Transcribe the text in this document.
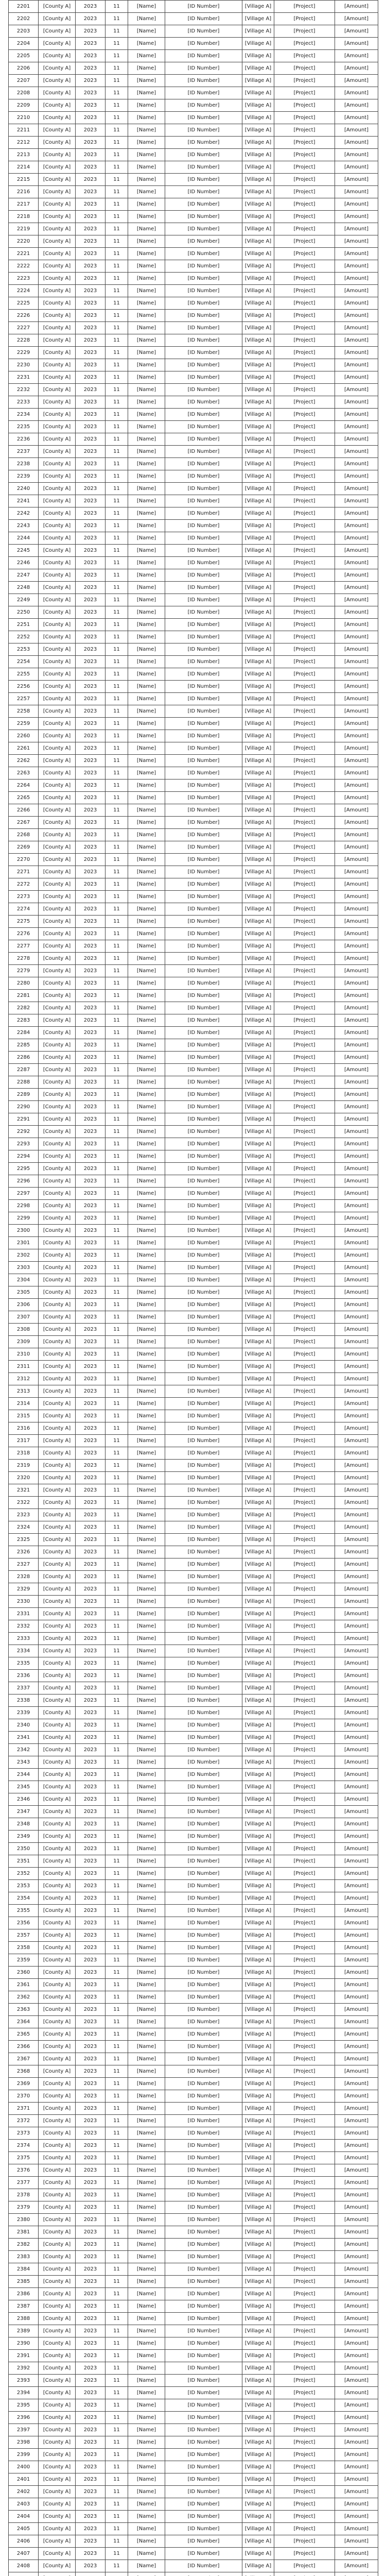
2201	[County A]	2023	11	[Name]	[ID Number]	[Village A]	[Project]	[Amount]
2202	[County A]	2023	11	[Name]	[ID Number]	[Village A]	[Project]	[Amount]
2203	[County A]	2023	11	[Name]	[ID Number]	[Village A]	[Project]	[Amount]
2204	[County A]	2023	11	[Name]	[ID Number]	[Village A]	[Project]	[Amount]
2205	[County A]	2023	11	[Name]	[ID Number]	[Village A]	[Project]	[Amount]
2206	[County A]	2023	11	[Name]	[ID Number]	[Village A]	[Project]	[Amount]
2207	[County A]	2023	11	[Name]	[ID Number]	[Village A]	[Project]	[Amount]
2208	[County A]	2023	11	[Name]	[ID Number]	[Village A]	[Project]	[Amount]
2209	[County A]	2023	11	[Name]	[ID Number]	[Village A]	[Project]	[Amount]
2210	[County A]	2023	11	[Name]	[ID Number]	[Village A]	[Project]	[Amount]
2211	[County A]	2023	11	[Name]	[ID Number]	[Village A]	[Project]	[Amount]
2212	[County A]	2023	11	[Name]	[ID Number]	[Village A]	[Project]	[Amount]
2213	[County A]	2023	11	[Name]	[ID Number]	[Village A]	[Project]	[Amount]
2214	[County A]	2023	11	[Name]	[ID Number]	[Village A]	[Project]	[Amount]
2215	[County A]	2023	11	[Name]	[ID Number]	[Village A]	[Project]	[Amount]
2216	[County A]	2023	11	[Name]	[ID Number]	[Village A]	[Project]	[Amount]
2217	[County A]	2023	11	[Name]	[ID Number]	[Village A]	[Project]	[Amount]
2218	[County A]	2023	11	[Name]	[ID Number]	[Village A]	[Project]	[Amount]
2219	[County A]	2023	11	[Name]	[ID Number]	[Village A]	[Project]	[Amount]
2220	[County A]	2023	11	[Name]	[ID Number]	[Village A]	[Project]	[Amount]
2221	[County A]	2023	11	[Name]	[ID Number]	[Village A]	[Project]	[Amount]
2222	[County A]	2023	11	[Name]	[ID Number]	[Village A]	[Project]	[Amount]
2223	[County A]	2023	11	[Name]	[ID Number]	[Village A]	[Project]	[Amount]
2224	[County A]	2023	11	[Name]	[ID Number]	[Village A]	[Project]	[Amount]
2225	[County A]	2023	11	[Name]	[ID Number]	[Village A]	[Project]	[Amount]
2226	[County A]	2023	11	[Name]	[ID Number]	[Village A]	[Project]	[Amount]
2227	[County A]	2023	11	[Name]	[ID Number]	[Village A]	[Project]	[Amount]
2228	[County A]	2023	11	[Name]	[ID Number]	[Village A]	[Project]	[Amount]
2229	[County A]	2023	11	[Name]	[ID Number]	[Village A]	[Project]	[Amount]
2230	[County A]	2023	11	[Name]	[ID Number]	[Village A]	[Project]	[Amount]
2231	[County A]	2023	11	[Name]	[ID Number]	[Village A]	[Project]	[Amount]
2232	[County A]	2023	11	[Name]	[ID Number]	[Village A]	[Project]	[Amount]
2233	[County A]	2023	11	[Name]	[ID Number]	[Village A]	[Project]	[Amount]
2234	[County A]	2023	11	[Name]	[ID Number]	[Village A]	[Project]	[Amount]
2235	[County A]	2023	11	[Name]	[ID Number]	[Village A]	[Project]	[Amount]
2236	[County A]	2023	11	[Name]	[ID Number]	[Village A]	[Project]	[Amount]
2237	[County A]	2023	11	[Name]	[ID Number]	[Village A]	[Project]	[Amount]
2238	[County A]	2023	11	[Name]	[ID Number]	[Village A]	[Project]	[Amount]
2239	[County A]	2023	11	[Name]	[ID Number]	[Village A]	[Project]	[Amount]
2240	[County A]	2023	11	[Name]	[ID Number]	[Village A]	[Project]	[Amount]
2241	[County A]	2023	11	[Name]	[ID Number]	[Village A]	[Project]	[Amount]
2242	[County A]	2023	11	[Name]	[ID Number]	[Village A]	[Project]	[Amount]
2243	[County A]	2023	11	[Name]	[ID Number]	[Village A]	[Project]	[Amount]
2244	[County A]	2023	11	[Name]	[ID Number]	[Village A]	[Project]	[Amount]
2245	[County A]	2023	11	[Name]	[ID Number]	[Village A]	[Project]	[Amount]
2246	[County A]	2023	11	[Name]	[ID Number]	[Village A]	[Project]	[Amount]
2247	[County A]	2023	11	[Name]	[ID Number]	[Village A]	[Project]	[Amount]
2248	[County A]	2023	11	[Name]	[ID Number]	[Village A]	[Project]	[Amount]
2249	[County A]	2023	11	[Name]	[ID Number]	[Village A]	[Project]	[Amount]
2250	[County A]	2023	11	[Name]	[ID Number]	[Village A]	[Project]	[Amount]
2251	[County A]	2023	11	[Name]	[ID Number]	[Village A]	[Project]	[Amount]
2252	[County A]	2023	11	[Name]	[ID Number]	[Village A]	[Project]	[Amount]
2253	[County A]	2023	11	[Name]	[ID Number]	[Village A]	[Project]	[Amount]
2254	[County A]	2023	11	[Name]	[ID Number]	[Village A]	[Project]	[Amount]
2255	[County A]	2023	11	[Name]	[ID Number]	[Village A]	[Project]	[Amount]
2256	[County A]	2023	11	[Name]	[ID Number]	[Village A]	[Project]	[Amount]
2257	[County A]	2023	11	[Name]	[ID Number]	[Village A]	[Project]	[Amount]
2258	[County A]	2023	11	[Name]	[ID Number]	[Village A]	[Project]	[Amount]
2259	[County A]	2023	11	[Name]	[ID Number]	[Village A]	[Project]	[Amount]
2260	[County A]	2023	11	[Name]	[ID Number]	[Village A]	[Project]	[Amount]
2261	[County A]	2023	11	[Name]	[ID Number]	[Village A]	[Project]	[Amount]
2262	[County A]	2023	11	[Name]	[ID Number]	[Village A]	[Project]	[Amount]
2263	[County A]	2023	11	[Name]	[ID Number]	[Village A]	[Project]	[Amount]
2264	[County A]	2023	11	[Name]	[ID Number]	[Village A]	[Project]	[Amount]
2265	[County A]	2023	11	[Name]	[ID Number]	[Village A]	[Project]	[Amount]
2266	[County A]	2023	11	[Name]	[ID Number]	[Village A]	[Project]	[Amount]
2267	[County A]	2023	11	[Name]	[ID Number]	[Village A]	[Project]	[Amount]
2268	[County A]	2023	11	[Name]	[ID Number]	[Village A]	[Project]	[Amount]
2269	[County A]	2023	11	[Name]	[ID Number]	[Village A]	[Project]	[Amount]
2270	[County A]	2023	11	[Name]	[ID Number]	[Village A]	[Project]	[Amount]
2271	[County A]	2023	11	[Name]	[ID Number]	[Village A]	[Project]	[Amount]
2272	[County A]	2023	11	[Name]	[ID Number]	[Village A]	[Project]	[Amount]
2273	[County A]	2023	11	[Name]	[ID Number]	[Village A]	[Project]	[Amount]
2274	[County A]	2023	11	[Name]	[ID Number]	[Village A]	[Project]	[Amount]
2275	[County A]	2023	11	[Name]	[ID Number]	[Village A]	[Project]	[Amount]
2276	[County A]	2023	11	[Name]	[ID Number]	[Village A]	[Project]	[Amount]
2277	[County A]	2023	11	[Name]	[ID Number]	[Village A]	[Project]	[Amount]
2278	[County A]	2023	11	[Name]	[ID Number]	[Village A]	[Project]	[Amount]
2279	[County A]	2023	11	[Name]	[ID Number]	[Village A]	[Project]	[Amount]
2280	[County A]	2023	11	[Name]	[ID Number]	[Village A]	[Project]	[Amount]
2281	[County A]	2023	11	[Name]	[ID Number]	[Village A]	[Project]	[Amount]
2282	[County A]	2023	11	[Name]	[ID Number]	[Village A]	[Project]	[Amount]
2283	[County A]	2023	11	[Name]	[ID Number]	[Village A]	[Project]	[Amount]
2284	[County A]	2023	11	[Name]	[ID Number]	[Village A]	[Project]	[Amount]
2285	[County A]	2023	11	[Name]	[ID Number]	[Village A]	[Project]	[Amount]
2286	[County A]	2023	11	[Name]	[ID Number]	[Village A]	[Project]	[Amount]
2287	[County A]	2023	11	[Name]	[ID Number]	[Village A]	[Project]	[Amount]
2288	[County A]	2023	11	[Name]	[ID Number]	[Village A]	[Project]	[Amount]
2289	[County A]	2023	11	[Name]	[ID Number]	[Village A]	[Project]	[Amount]
2290	[County A]	2023	11	[Name]	[ID Number]	[Village A]	[Project]	[Amount]
2291	[County A]	2023	11	[Name]	[ID Number]	[Village A]	[Project]	[Amount]
2292	[County A]	2023	11	[Name]	[ID Number]	[Village A]	[Project]	[Amount]
2293	[County A]	2023	11	[Name]	[ID Number]	[Village A]	[Project]	[Amount]
2294	[County A]	2023	11	[Name]	[ID Number]	[Village A]	[Project]	[Amount]
2295	[County A]	2023	11	[Name]	[ID Number]	[Village A]	[Project]	[Amount]
2296	[County A]	2023	11	[Name]	[ID Number]	[Village A]	[Project]	[Amount]
2297	[County A]	2023	11	[Name]	[ID Number]	[Village A]	[Project]	[Amount]
2298	[County A]	2023	11	[Name]	[ID Number]	[Village A]	[Project]	[Amount]
2299	[County A]	2023	11	[Name]	[ID Number]	[Village A]	[Project]	[Amount]
2300	[County A]	2023	11	[Name]	[ID Number]	[Village A]	[Project]	[Amount]
2301	[County A]	2023	11	[Name]	[ID Number]	[Village A]	[Project]	[Amount]
2302	[County A]	2023	11	[Name]	[ID Number]	[Village A]	[Project]	[Amount]
2303	[County A]	2023	11	[Name]	[ID Number]	[Village A]	[Project]	[Amount]
2304	[County A]	2023	11	[Name]	[ID Number]	[Village A]	[Project]	[Amount]
2305	[County A]	2023	11	[Name]	[ID Number]	[Village A]	[Project]	[Amount]
2306	[County A]	2023	11	[Name]	[ID Number]	[Village A]	[Project]	[Amount]
2307	[County A]	2023	11	[Name]	[ID Number]	[Village A]	[Project]	[Amount]
2308	[County A]	2023	11	[Name]	[ID Number]	[Village A]	[Project]	[Amount]
2309	[County A]	2023	11	[Name]	[ID Number]	[Village A]	[Project]	[Amount]
2310	[County A]	2023	11	[Name]	[ID Number]	[Village A]	[Project]	[Amount]
2311	[County A]	2023	11	[Name]	[ID Number]	[Village A]	[Project]	[Amount]
2312	[County A]	2023	11	[Name]	[ID Number]	[Village A]	[Project]	[Amount]
2313	[County A]	2023	11	[Name]	[ID Number]	[Village A]	[Project]	[Amount]
2314	[County A]	2023	11	[Name]	[ID Number]	[Village A]	[Project]	[Amount]
2315	[County A]	2023	11	[Name]	[ID Number]	[Village A]	[Project]	[Amount]
2316	[County A]	2023	11	[Name]	[ID Number]	[Village A]	[Project]	[Amount]
2317	[County A]	2023	11	[Name]	[ID Number]	[Village A]	[Project]	[Amount]
2318	[County A]	2023	11	[Name]	[ID Number]	[Village A]	[Project]	[Amount]
2319	[County A]	2023	11	[Name]	[ID Number]	[Village A]	[Project]	[Amount]
2320	[County A]	2023	11	[Name]	[ID Number]	[Village A]	[Project]	[Amount]
2321	[County A]	2023	11	[Name]	[ID Number]	[Village A]	[Project]	[Amount]
2322	[County A]	2023	11	[Name]	[ID Number]	[Village A]	[Project]	[Amount]
2323	[County A]	2023	11	[Name]	[ID Number]	[Village A]	[Project]	[Amount]
2324	[County A]	2023	11	[Name]	[ID Number]	[Village A]	[Project]	[Amount]
2325	[County A]	2023	11	[Name]	[ID Number]	[Village A]	[Project]	[Amount]
2326	[County A]	2023	11	[Name]	[ID Number]	[Village A]	[Project]	[Amount]
2327	[County A]	2023	11	[Name]	[ID Number]	[Village A]	[Project]	[Amount]
2328	[County A]	2023	11	[Name]	[ID Number]	[Village A]	[Project]	[Amount]
2329	[County A]	2023	11	[Name]	[ID Number]	[Village A]	[Project]	[Amount]
2330	[County A]	2023	11	[Name]	[ID Number]	[Village A]	[Project]	[Amount]
2331	[County A]	2023	11	[Name]	[ID Number]	[Village A]	[Project]	[Amount]
2332	[County A]	2023	11	[Name]	[ID Number]	[Village A]	[Project]	[Amount]
2333	[County A]	2023	11	[Name]	[ID Number]	[Village A]	[Project]	[Amount]
2334	[County A]	2023	11	[Name]	[ID Number]	[Village A]	[Project]	[Amount]
2335	[County A]	2023	11	[Name]	[ID Number]	[Village A]	[Project]	[Amount]
2336	[County A]	2023	11	[Name]	[ID Number]	[Village A]	[Project]	[Amount]
2337	[County A]	2023	11	[Name]	[ID Number]	[Village A]	[Project]	[Amount]
2338	[County A]	2023	11	[Name]	[ID Number]	[Village A]	[Project]	[Amount]
2339	[County A]	2023	11	[Name]	[ID Number]	[Village A]	[Project]	[Amount]
2340	[County A]	2023	11	[Name]	[ID Number]	[Village A]	[Project]	[Amount]
2341	[County A]	2023	11	[Name]	[ID Number]	[Village A]	[Project]	[Amount]
2342	[County A]	2023	11	[Name]	[ID Number]	[Village A]	[Project]	[Amount]
2343	[County A]	2023	11	[Name]	[ID Number]	[Village A]	[Project]	[Amount]
2344	[County A]	2023	11	[Name]	[ID Number]	[Village A]	[Project]	[Amount]
2345	[County A]	2023	11	[Name]	[ID Number]	[Village A]	[Project]	[Amount]
2346	[County A]	2023	11	[Name]	[ID Number]	[Village A]	[Project]	[Amount]
2347	[County A]	2023	11	[Name]	[ID Number]	[Village A]	[Project]	[Amount]
2348	[County A]	2023	11	[Name]	[ID Number]	[Village A]	[Project]	[Amount]
2349	[County A]	2023	11	[Name]	[ID Number]	[Village A]	[Project]	[Amount]
2350	[County A]	2023	11	[Name]	[ID Number]	[Village A]	[Project]	[Amount]
2351	[County A]	2023	11	[Name]	[ID Number]	[Village A]	[Project]	[Amount]
2352	[County A]	2023	11	[Name]	[ID Number]	[Village A]	[Project]	[Amount]
2353	[County A]	2023	11	[Name]	[ID Number]	[Village A]	[Project]	[Amount]
2354	[County A]	2023	11	[Name]	[ID Number]	[Village A]	[Project]	[Amount]
2355	[County A]	2023	11	[Name]	[ID Number]	[Village A]	[Project]	[Amount]
2356	[County A]	2023	11	[Name]	[ID Number]	[Village A]	[Project]	[Amount]
2357	[County A]	2023	11	[Name]	[ID Number]	[Village A]	[Project]	[Amount]
2358	[County A]	2023	11	[Name]	[ID Number]	[Village A]	[Project]	[Amount]
2359	[County A]	2023	11	[Name]	[ID Number]	[Village A]	[Project]	[Amount]
2360	[County A]	2023	11	[Name]	[ID Number]	[Village A]	[Project]	[Amount]
2361	[County A]	2023	11	[Name]	[ID Number]	[Village A]	[Project]	[Amount]
2362	[County A]	2023	11	[Name]	[ID Number]	[Village A]	[Project]	[Amount]
2363	[County A]	2023	11	[Name]	[ID Number]	[Village A]	[Project]	[Amount]
2364	[County A]	2023	11	[Name]	[ID Number]	[Village A]	[Project]	[Amount]
2365	[County A]	2023	11	[Name]	[ID Number]	[Village A]	[Project]	[Amount]
2366	[County A]	2023	11	[Name]	[ID Number]	[Village A]	[Project]	[Amount]
2367	[County A]	2023	11	[Name]	[ID Number]	[Village A]	[Project]	[Amount]
2368	[County A]	2023	11	[Name]	[ID Number]	[Village A]	[Project]	[Amount]
2369	[County A]	2023	11	[Name]	[ID Number]	[Village A]	[Project]	[Amount]
2370	[County A]	2023	11	[Name]	[ID Number]	[Village A]	[Project]	[Amount]
2371	[County A]	2023	11	[Name]	[ID Number]	[Village A]	[Project]	[Amount]
2372	[County A]	2023	11	[Name]	[ID Number]	[Village A]	[Project]	[Amount]
2373	[County A]	2023	11	[Name]	[ID Number]	[Village A]	[Project]	[Amount]
2374	[County A]	2023	11	[Name]	[ID Number]	[Village A]	[Project]	[Amount]
2375	[County A]	2023	11	[Name]	[ID Number]	[Village A]	[Project]	[Amount]
2376	[County A]	2023	11	[Name]	[ID Number]	[Village A]	[Project]	[Amount]
2377	[County A]	2023	11	[Name]	[ID Number]	[Village A]	[Project]	[Amount]
2378	[County A]	2023	11	[Name]	[ID Number]	[Village A]	[Project]	[Amount]
2379	[County A]	2023	11	[Name]	[ID Number]	[Village A]	[Project]	[Amount]
2380	[County A]	2023	11	[Name]	[ID Number]	[Village A]	[Project]	[Amount]
2381	[County A]	2023	11	[Name]	[ID Number]	[Village A]	[Project]	[Amount]
2382	[County A]	2023	11	[Name]	[ID Number]	[Village A]	[Project]	[Amount]
2383	[County A]	2023	11	[Name]	[ID Number]	[Village A]	[Project]	[Amount]
2384	[County A]	2023	11	[Name]	[ID Number]	[Village A]	[Project]	[Amount]
2385	[County A]	2023	11	[Name]	[ID Number]	[Village A]	[Project]	[Amount]
2386	[County A]	2023	11	[Name]	[ID Number]	[Village A]	[Project]	[Amount]
2387	[County A]	2023	11	[Name]	[ID Number]	[Village A]	[Project]	[Amount]
2388	[County A]	2023	11	[Name]	[ID Number]	[Village A]	[Project]	[Amount]
2389	[County A]	2023	11	[Name]	[ID Number]	[Village A]	[Project]	[Amount]
2390	[County A]	2023	11	[Name]	[ID Number]	[Village A]	[Project]	[Amount]
2391	[County A]	2023	11	[Name]	[ID Number]	[Village A]	[Project]	[Amount]
2392	[County A]	2023	11	[Name]	[ID Number]	[Village A]	[Project]	[Amount]
2393	[County A]	2023	11	[Name]	[ID Number]	[Village A]	[Project]	[Amount]
2394	[County A]	2023	11	[Name]	[ID Number]	[Village A]	[Project]	[Amount]
2395	[County A]	2023	11	[Name]	[ID Number]	[Village A]	[Project]	[Amount]
2396	[County A]	2023	11	[Name]	[ID Number]	[Village A]	[Project]	[Amount]
2397	[County A]	2023	11	[Name]	[ID Number]	[Village A]	[Project]	[Amount]
2398	[County A]	2023	11	[Name]	[ID Number]	[Village A]	[Project]	[Amount]
2399	[County A]	2023	11	[Name]	[ID Number]	[Village A]	[Project]	[Amount]
2400	[County A]	2023	11	[Name]	[ID Number]	[Village A]	[Project]	[Amount]
2401	[County A]	2023	11	[Name]	[ID Number]	[Village A]	[Project]	[Amount]
2402	[County A]	2023	11	[Name]	[ID Number]	[Village A]	[Project]	[Amount]
2403	[County A]	2023	11	[Name]	[ID Number]	[Village A]	[Project]	[Amount]
2404	[County A]	2023	11	[Name]	[ID Number]	[Village A]	[Project]	[Amount]
2405	[County A]	2023	11	[Name]	[ID Number]	[Village A]	[Project]	[Amount]
2406	[County A]	2023	11	[Name]	[ID Number]	[Village A]	[Project]	[Amount]
2407	[County A]	2023	11	[Name]	[ID Number]	[Village A]	[Project]	[Amount]
2408	[County A]	2023	11	[Name]	[ID Number]	[Village A]	[Project]	[Amount]
